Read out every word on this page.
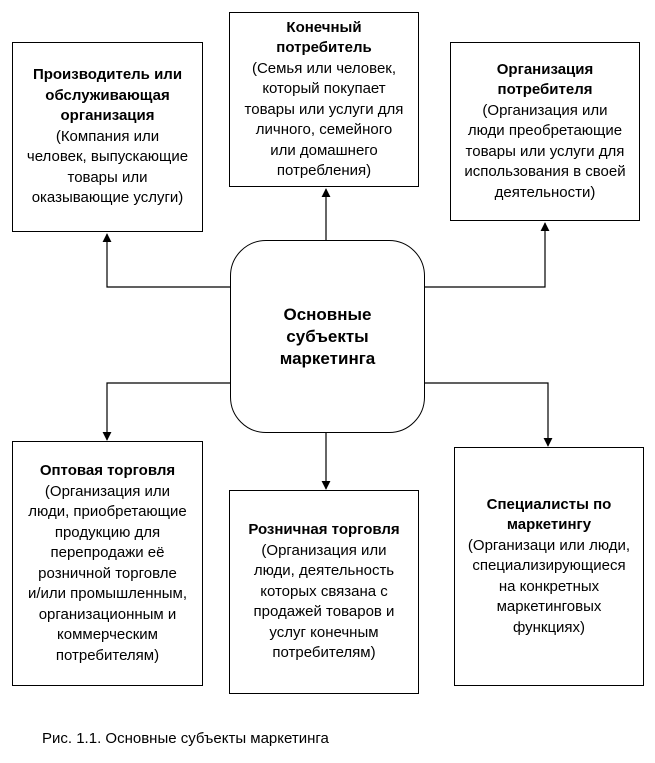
Основные
субъекты
маркетинга
Производитель или
обслуживающая
организация
(Компания или
человек, выпускающие
товары или
оказывающие услуги)
Конечный
потребитель
(Семья или человек,
который покупает
товары или услуги для
личного, семейного
или домашнего
потребления)
Организация
потребителя
(Организация или
люди преобретающие
товары или услуги для
использования в своей
деятельности)
Оптовая торговля
(Организация или
люди, приобретающие
продукцию для
перепродажи её
розничной торговле
и/или промышленным,
организационным и
коммерческим
потребителям)
Розничная торговля
(Организация или
люди, деятельность
которых связана с
продажей товаров и
услуг конечным
потребителям)
Специалисты по
маркетингу
(Организаци или люди,
специализирующиеся
на конкретных
маркетинговых
функциях)
Рис. 1.1. Основные субъекты маркетинга
